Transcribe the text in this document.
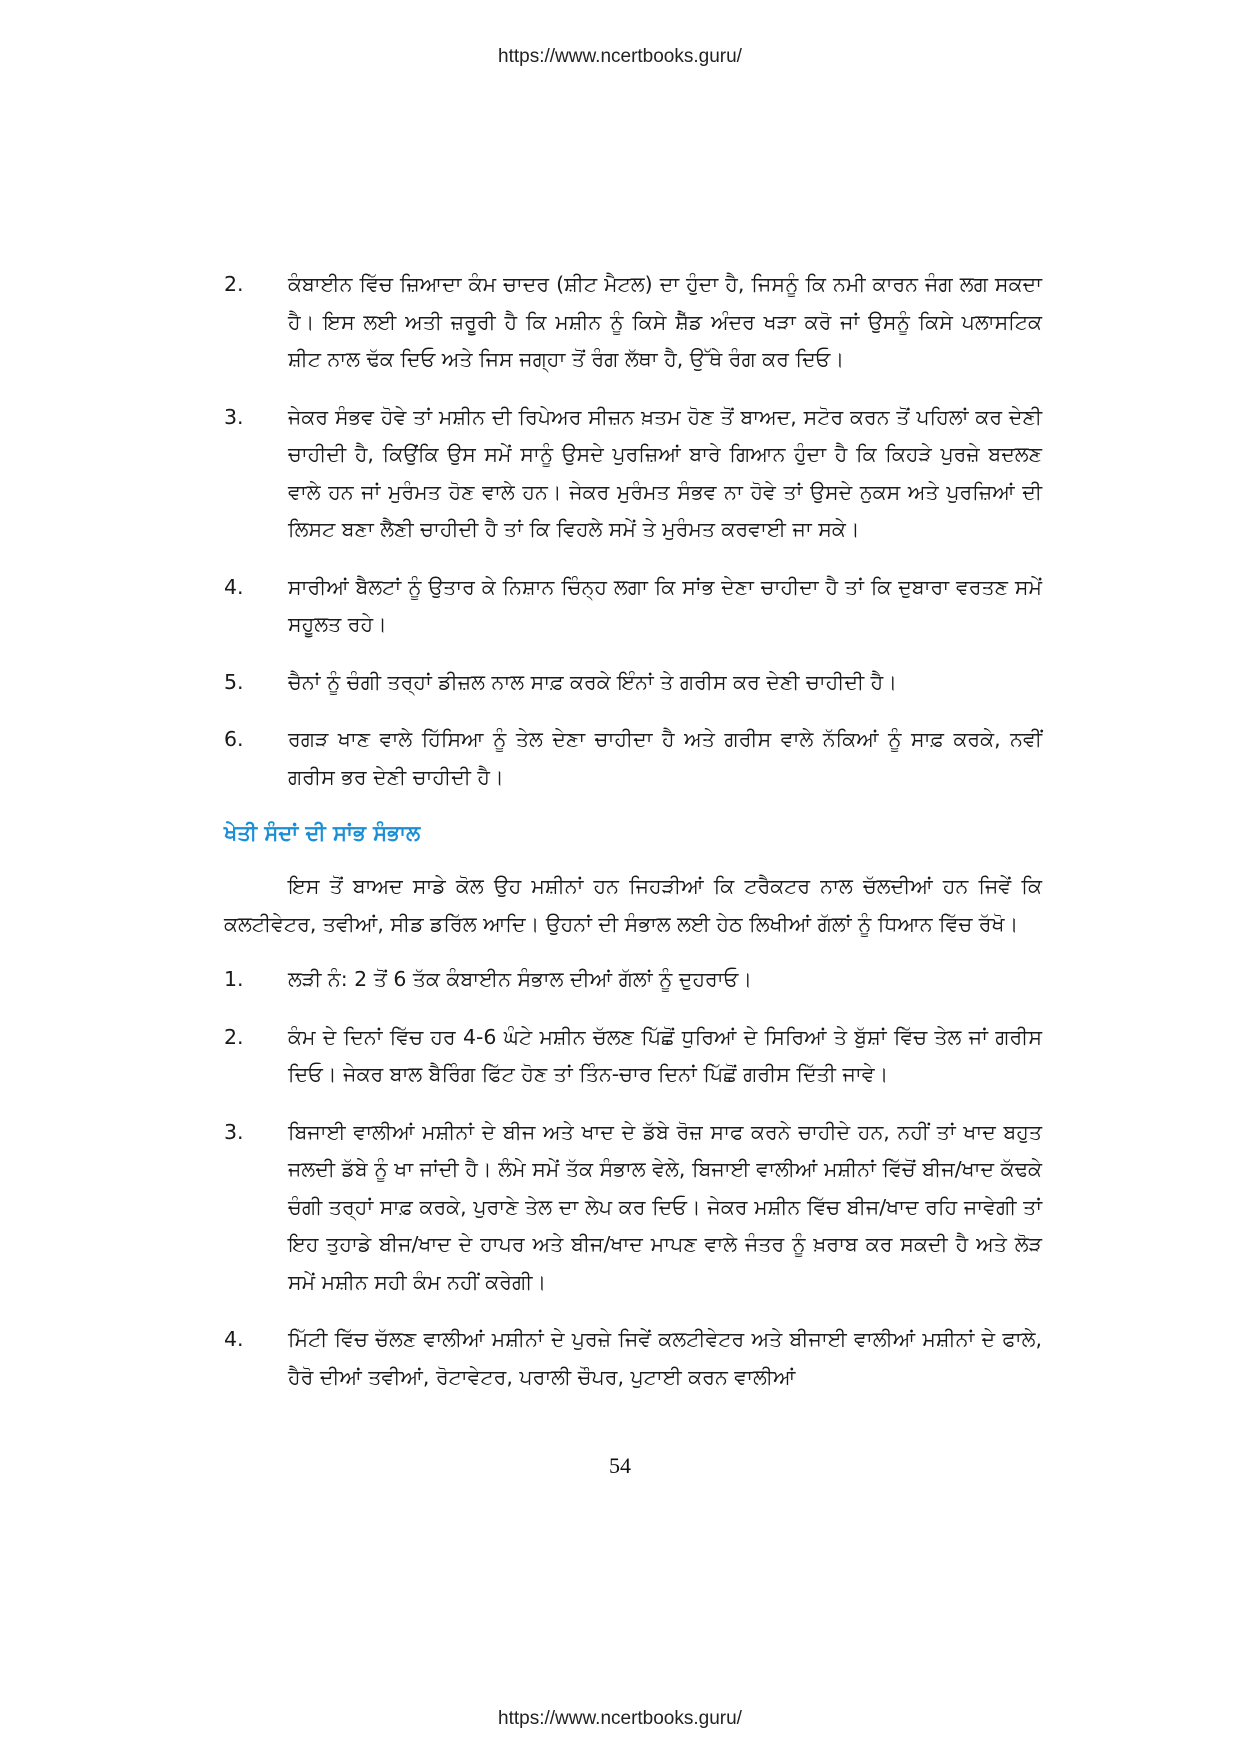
https://www.ncertbooks.guru/
2.	ਕੰਬਾਈਨ ਵਿੱਚ ਜ਼ਿਆਦਾ ਕੰਮ ਚਾਦਰ (ਸ਼ੀਟ ਮੈਟਲ) ਦਾ ਹੁੰਦਾ ਹੈ, ਜਿਸਨੂੰ ਕਿ ਨਮੀ ਕਾਰਨ ਜੰਗ ਲਗ ਸਕਦਾ ਹੈ। ਇਸ ਲਈ ਅਤੀ ਜ਼ਰੂਰੀ ਹੈ ਕਿ ਮਸ਼ੀਨ ਨੂੰ ਕਿਸੇ ਸ਼ੈੱਡ ਅੰਦਰ ਖੜਾ ਕਰੋ ਜਾਂ ਉਸਨੂੰ ਕਿਸੇ ਪਲਾਸਟਿਕ ਸ਼ੀਟ ਨਾਲ ਢੱਕ ਦਿਓ ਅਤੇ ਜਿਸ ਜਗ੍ਹਾ ਤੋਂ ਰੰਗ ਲੱਥਾ ਹੈ, ਉੱਥੇ ਰੰਗ ਕਰ ਦਿਓ।
3.	ਜੇਕਰ ਸੰਭਵ ਹੋਵੇ ਤਾਂ ਮਸ਼ੀਨ ਦੀ ਰਿਪੇਅਰ ਸੀਜ਼ਨ ਖ਼ਤਮ ਹੋਣ ਤੋਂ ਬਾਅਦ, ਸਟੋਰ ਕਰਨ ਤੋਂ ਪਹਿਲਾਂ ਕਰ ਦੇਣੀ ਚਾਹੀਦੀ ਹੈ, ਕਿਉਂਕਿ ਉਸ ਸਮੇਂ ਸਾਨੂੰ ਉਸਦੇ ਪੁਰਜ਼ਿਆਂ ਬਾਰੇ ਗਿਆਨ ਹੁੰਦਾ ਹੈ ਕਿ ਕਿਹੜੇ ਪੁਰਜ਼ੇ ਬਦਲਣ ਵਾਲੇ ਹਨ ਜਾਂ ਮੁਰੰਮਤ ਹੋਣ ਵਾਲੇ ਹਨ। ਜੇਕਰ ਮੁਰੰਮਤ ਸੰਭਵ ਨਾ ਹੋਵੇ ਤਾਂ ਉਸਦੇ ਨੁਕਸ ਅਤੇ ਪੁਰਜ਼ਿਆਂ ਦੀ ਲਿਸਟ ਬਣਾ ਲੈਣੀ ਚਾਹੀਦੀ ਹੈ ਤਾਂ ਕਿ ਵਿਹਲੇ ਸਮੇਂ ਤੇ ਮੁਰੰਮਤ ਕਰਵਾਈ ਜਾ ਸਕੇ।
4.	ਸਾਰੀਆਂ ਬੈਲਟਾਂ ਨੂੰ ਉਤਾਰ ਕੇ ਨਿਸ਼ਾਨ ਚਿੰਨ੍ਹ ਲਗਾ ਕਿ ਸਾਂਭ ਦੇਣਾ ਚਾਹੀਦਾ ਹੈ ਤਾਂ ਕਿ ਦੁਬਾਰਾ ਵਰਤਣ ਸਮੇਂ ਸਹੂਲਤ ਰਹੇ।
5.	ਚੈਨਾਂ ਨੂੰ ਚੰਗੀ ਤਰ੍ਹਾਂ ਡੀਜ਼ਲ ਨਾਲ ਸਾਫ਼ ਕਰਕੇ ਇੰਨਾਂ ਤੇ ਗਰੀਸ ਕਰ ਦੇਣੀ ਚਾਹੀਦੀ ਹੈ।
6.	ਰਗੜ ਖਾਣ ਵਾਲੇ ਹਿੱਸਿਆ ਨੂੰ ਤੇਲ ਦੇਣਾ ਚਾਹੀਦਾ ਹੈ ਅਤੇ ਗਰੀਸ ਵਾਲੇ ਨੱਕਿਆਂ ਨੂੰ ਸਾਫ਼ ਕਰਕੇ, ਨਵੀਂ ਗਰੀਸ ਭਰ ਦੇਣੀ ਚਾਹੀਦੀ ਹੈ।
ਖੇਤੀ ਸੰਦਾਂ ਦੀ ਸਾਂਭ ਸੰਭਾਲ

ਇਸ ਤੋਂ ਬਾਅਦ ਸਾਡੇ ਕੋਲ ਉਹ ਮਸ਼ੀਨਾਂ ਹਨ ਜਿਹੜੀਆਂ ਕਿ ਟਰੈਕਟਰ ਨਾਲ ਚੱਲਦੀਆਂ ਹਨ ਜਿਵੇਂ ਕਿ ਕਲਟੀਵੇਟਰ, ਤਵੀਆਂ, ਸੀਡ ਡਰਿੱਲ ਆਦਿ। ਉਹਨਾਂ ਦੀ ਸੰਭਾਲ ਲਈ ਹੇਠ ਲਿਖੀਆਂ ਗੱਲਾਂ ਨੂੰ ਧਿਆਨ ਵਿੱਚ ਰੱਖੋ।

1.	ਲੜੀ ਨੰ: 2 ਤੋਂ 6 ਤੱਕ ਕੰਬਾਈਨ ਸੰਭਾਲ ਦੀਆਂ ਗੱਲਾਂ ਨੂੰ ਦੁਹਰਾਓ।
2.	ਕੰਮ ਦੇ ਦਿਨਾਂ ਵਿੱਚ ਹਰ 4-6 ਘੰਟੇ ਮਸ਼ੀਨ ਚੱਲਣ ਪਿੱਛੋਂ ਧੁਰਿਆਂ ਦੇ ਸਿਰਿਆਂ ਤੇ ਬੁੱਸ਼ਾਂ ਵਿੱਚ ਤੇਲ ਜਾਂ ਗਰੀਸ ਦਿਓ। ਜੇਕਰ ਬਾਲ ਬੈਰਿੰਗ ਫਿੱਟ ਹੋਣ ਤਾਂ ਤਿੰਨ-ਚਾਰ ਦਿਨਾਂ ਪਿੱਛੋਂ ਗਰੀਸ ਦਿੱਤੀ ਜਾਵੇ।
3.	ਬਿਜਾਈ ਵਾਲੀਆਂ ਮਸ਼ੀਨਾਂ ਦੇ ਬੀਜ ਅਤੇ ਖਾਦ ਦੇ ਡੱਬੇ ਰੋਜ਼ ਸਾਫ ਕਰਨੇ ਚਾਹੀਦੇ ਹਨ, ਨਹੀਂ ਤਾਂ ਖਾਦ ਬਹੁਤ ਜਲਦੀ ਡੱਬੇ ਨੂੰ ਖਾ ਜਾਂਦੀ ਹੈ। ਲੰਮੇ ਸਮੇਂ ਤੱਕ ਸੰਭਾਲ ਵੇਲੇ, ਬਿਜਾਈ ਵਾਲੀਆਂ ਮਸ਼ੀਨਾਂ ਵਿੱਚੋਂ ਬੀਜ/ਖਾਦ ਕੱਢਕੇ ਚੰਗੀ ਤਰ੍ਹਾਂ ਸਾਫ਼ ਕਰਕੇ, ਪੁਰਾਣੇ ਤੇਲ ਦਾ ਲੇਪ ਕਰ ਦਿਓ। ਜੇਕਰ ਮਸ਼ੀਨ ਵਿੱਚ ਬੀਜ/ਖਾਦ ਰਹਿ ਜਾਵੇਗੀ ਤਾਂ ਇਹ ਤੁਹਾਡੇ ਬੀਜ/ਖਾਦ ਦੇ ਹਾਪਰ ਅਤੇ ਬੀਜ/ਖਾਦ ਮਾਪਣ ਵਾਲੇ ਜੰਤਰ ਨੂੰ ਖ਼ਰਾਬ ਕਰ ਸਕਦੀ ਹੈ ਅਤੇ ਲੋੜ ਸਮੇਂ ਮਸ਼ੀਨ ਸਹੀ ਕੰਮ ਨਹੀਂ ਕਰੇਗੀ।
4.	ਮਿੱਟੀ ਵਿੱਚ ਚੱਲਣ ਵਾਲੀਆਂ ਮਸ਼ੀਨਾਂ ਦੇ ਪੁਰਜ਼ੇ ਜਿਵੇਂ ਕਲਟੀਵੇਟਰ ਅਤੇ ਬੀਜਾਈ ਵਾਲੀਆਂ ਮਸ਼ੀਨਾਂ ਦੇ ਫਾਲੇ, ਹੈਰੋ ਦੀਆਂ ਤਵੀਆਂ, ਰੋਟਾਵੇਟਰ, ਪਰਾਲੀ ਚੌਪਰ, ਪੁਟਾਈ ਕਰਨ ਵਾਲੀਆਂ
54
https://www.ncertbooks.guru/
